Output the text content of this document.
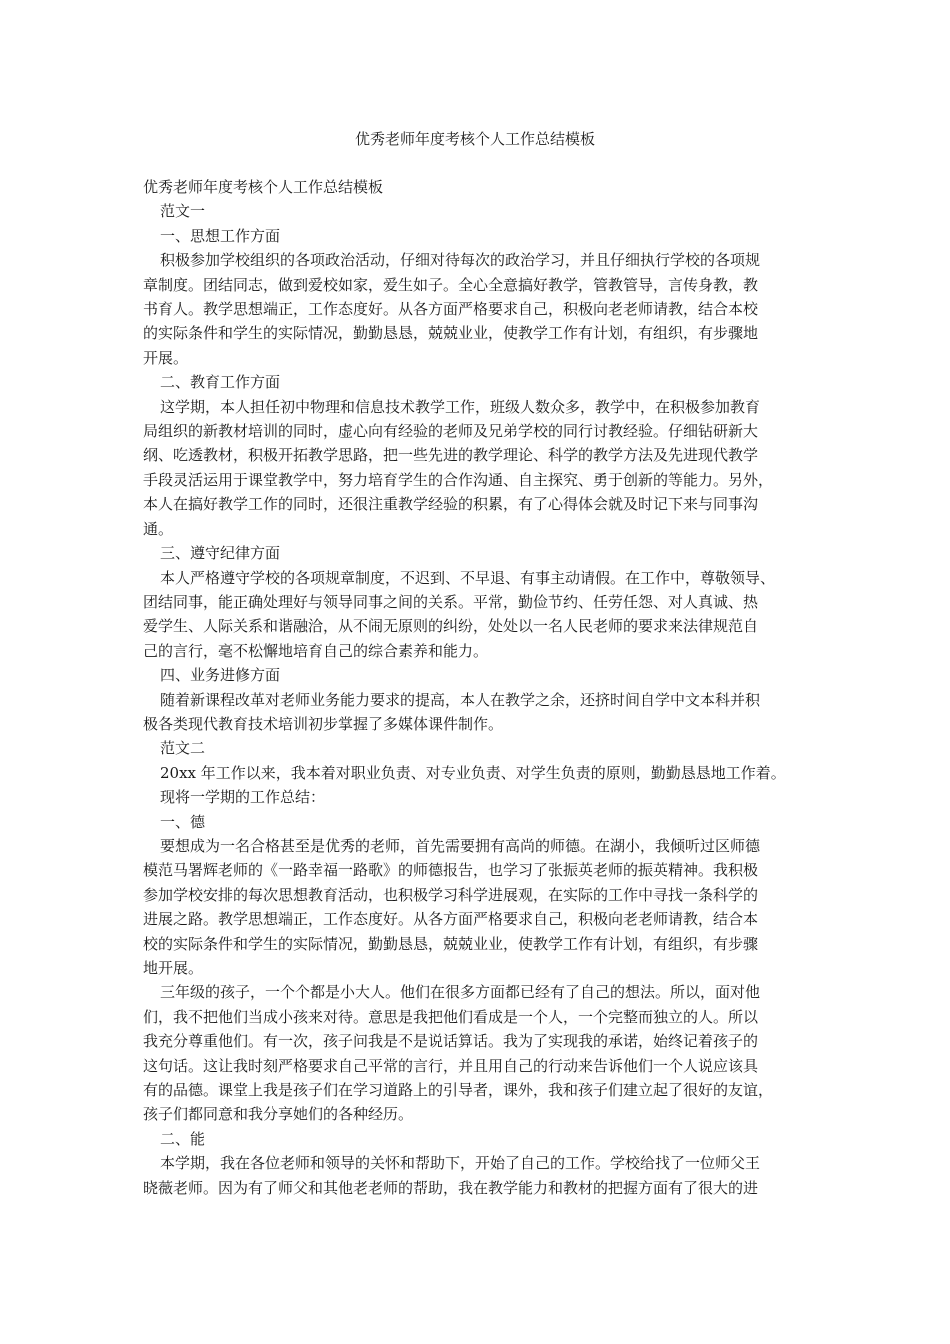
优秀老师年度考核个人工作总结模板
优秀老师年度考核个人工作总结模板
范文一
一、思想工作方面
积极参加学校组织的各项政治活动，仔细对待每次的政治学习，并且仔细执行学校的各项规
章制度。团结同志，做到爱校如家，爱生如子。全心全意搞好教学，管教管导，言传身教，教
书育人。教学思想端正，工作态度好。从各方面严格要求自己，积极向老老师请教，结合本校
的实际条件和学生的实际情况，勤勤恳恳，兢兢业业，使教学工作有计划，有组织，有步骤地
开展。
二、教育工作方面
这学期，本人担任初中物理和信息技术教学工作，班级人数众多，教学中，在积极参加教育
局组织的新教材培训的同时，虚心向有经验的老师及兄弟学校的同行讨教经验。仔细钻研新大
纲、吃透教材，积极开拓教学思路，把一些先进的教学理论、科学的教学方法及先进现代教学
手段灵活运用于课堂教学中，努力培育学生的合作沟通、自主探究、勇于创新的等能力。另外，
本人在搞好教学工作的同时，还很注重教学经验的积累，有了心得体会就及时记下来与同事沟
通。
三、遵守纪律方面
本人严格遵守学校的各项规章制度，不迟到、不早退、有事主动请假。在工作中，尊敬领导、
团结同事，能正确处理好与领导同事之间的关系。平常，勤俭节约、任劳任怨、对人真诚、热
爱学生、人际关系和谐融洽，从不闹无原则的纠纷，处处以一名人民老师的要求来法律规范自
己的言行，毫不松懈地培育自己的综合素养和能力。
四、业务进修方面
随着新课程改革对老师业务能力要求的提高，本人在教学之余，还挤时间自学中文本科并积
极各类现代教育技术培训初步掌握了多媒体课件制作。
范文二
20xx 年工作以来，我本着对职业负责、对专业负责、对学生负责的原则，勤勤恳恳地工作着。
现将一学期的工作总结：
一、德
要想成为一名合格甚至是优秀的老师，首先需要拥有高尚的师德。在湖小，我倾听过区师德
模范马署辉老师的《一路幸福一路歌》的师德报告，也学习了张振英老师的振英精神。我积极
参加学校安排的每次思想教育活动，也积极学习科学进展观，在实际的工作中寻找一条科学的
进展之路。教学思想端正，工作态度好。从各方面严格要求自己，积极向老老师请教，结合本
校的实际条件和学生的实际情况，勤勤恳恳，兢兢业业，使教学工作有计划，有组织，有步骤
地开展。
三年级的孩子，一个个都是小大人。他们在很多方面都已经有了自己的想法。所以，面对他
们，我不把他们当成小孩来对待。意思是我把他们看成是一个人，一个完整而独立的人。所以
我充分尊重他们。有一次，孩子问我是不是说话算话。我为了实现我的承诺，始终记着孩子的
这句话。这让我时刻严格要求自己平常的言行，并且用自己的行动来告诉他们一个人说应该具
有的品德。课堂上我是孩子们在学习道路上的引导者，课外，我和孩子们建立起了很好的友谊，
孩子们都同意和我分享她们的各种经历。
二、能
本学期，我在各位老师和领导的关怀和帮助下，开始了自己的工作。学校给找了一位师父王
晓薇老师。因为有了师父和其他老老师的帮助，我在教学能力和教材的把握方面有了很大的进
